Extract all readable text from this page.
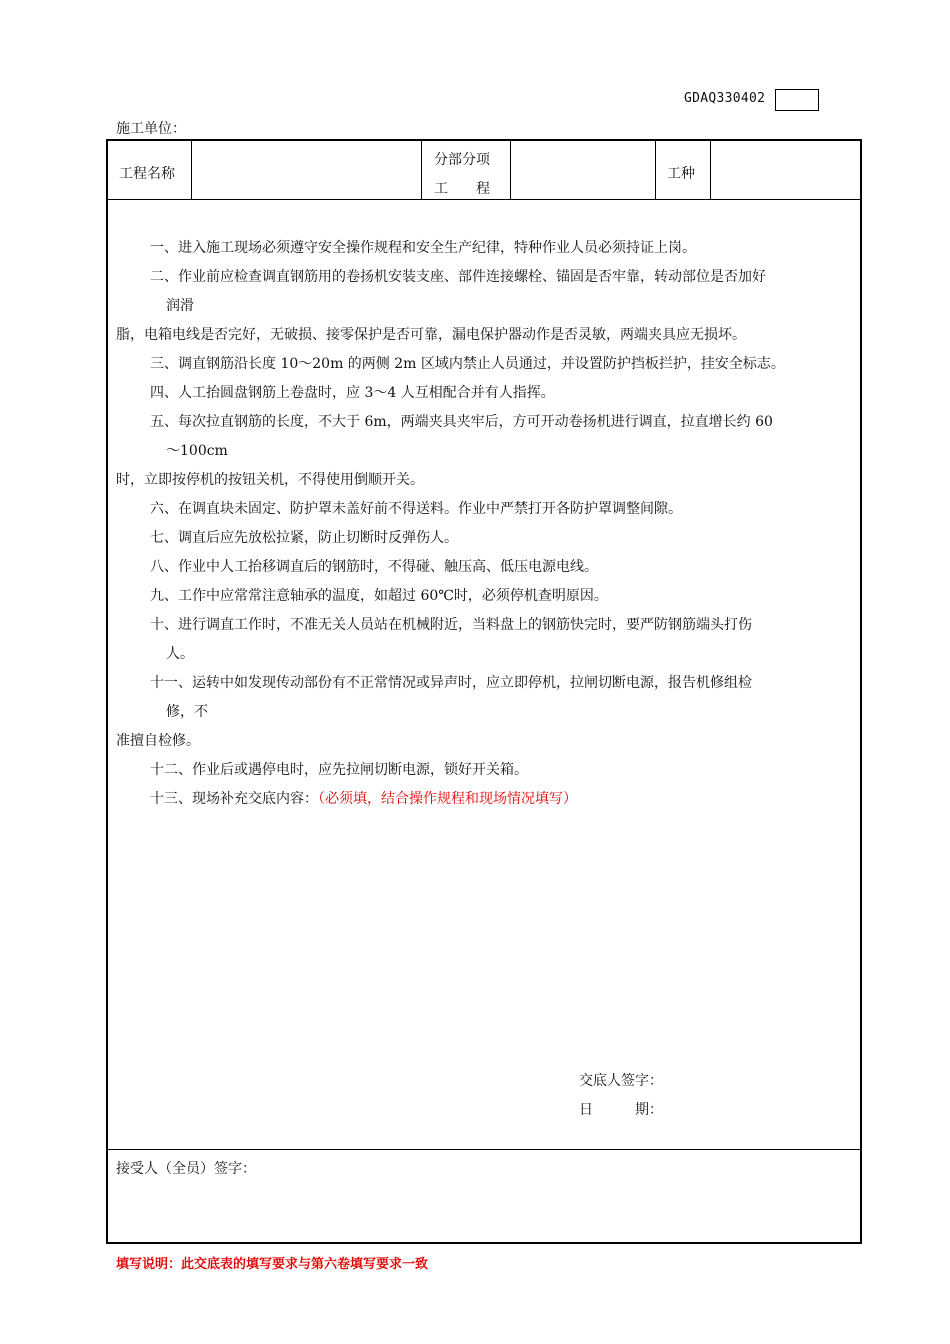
GDAQ330402
施工单位：
工程名称
分部分项
工　　程
工种
一、进入施工现场必须遵守安全操作规程和安全生产纪律，特种作业人员必须持证上岗。
二、作业前应检查调直钢筋用的卷扬机安装支座、部件连接螺栓、锚固是否牢靠，转动部位是否加好
润滑
脂，电箱电线是否完好，无破损、接零保护是否可靠，漏电保护器动作是否灵敏，两端夹具应无损坏。
三、调直钢筋沿长度 10～20m 的两侧 2m 区域内禁止人员通过，并设置防护挡板拦护，挂安全标志。
四、人工抬圆盘钢筋上卷盘时，应 3～4 人互相配合并有人指挥。
五、每次拉直钢筋的长度，不大于 6m，两端夹具夹牢后，方可开动卷扬机进行调直，拉直增长约 60
～100cm
时，立即按停机的按钮关机，不得使用倒顺开关。
六、在调直块未固定、防护罩未盖好前不得送料。作业中严禁打开各防护罩调整间隙。
七、调直后应先放松拉紧，防止切断时反弹伤人。
八、作业中人工抬移调直后的钢筋时，不得碰、触压高、低压电源电线。
九、工作中应常常注意轴承的温度，如超过 60℃时，必须停机查明原因。
十、进行调直工作时，不准无关人员站在机械附近，当料盘上的钢筋快完时，要严防钢筋端头打伤
人。
十一、运转中如发现传动部份有不正常情况或异声时，应立即停机，拉闸切断电源，报告机修组检
修，不
准擅自检修。
十二、作业后或遇停电时，应先拉闸切断电源，锁好开关箱。
十三、现场补充交底内容：（必须填，结合操作规程和现场情况填写）
交底人签字：
日　　　期：
接受人（全员）签字：
填写说明：此交底表的填写要求与第六卷填写要求一致
